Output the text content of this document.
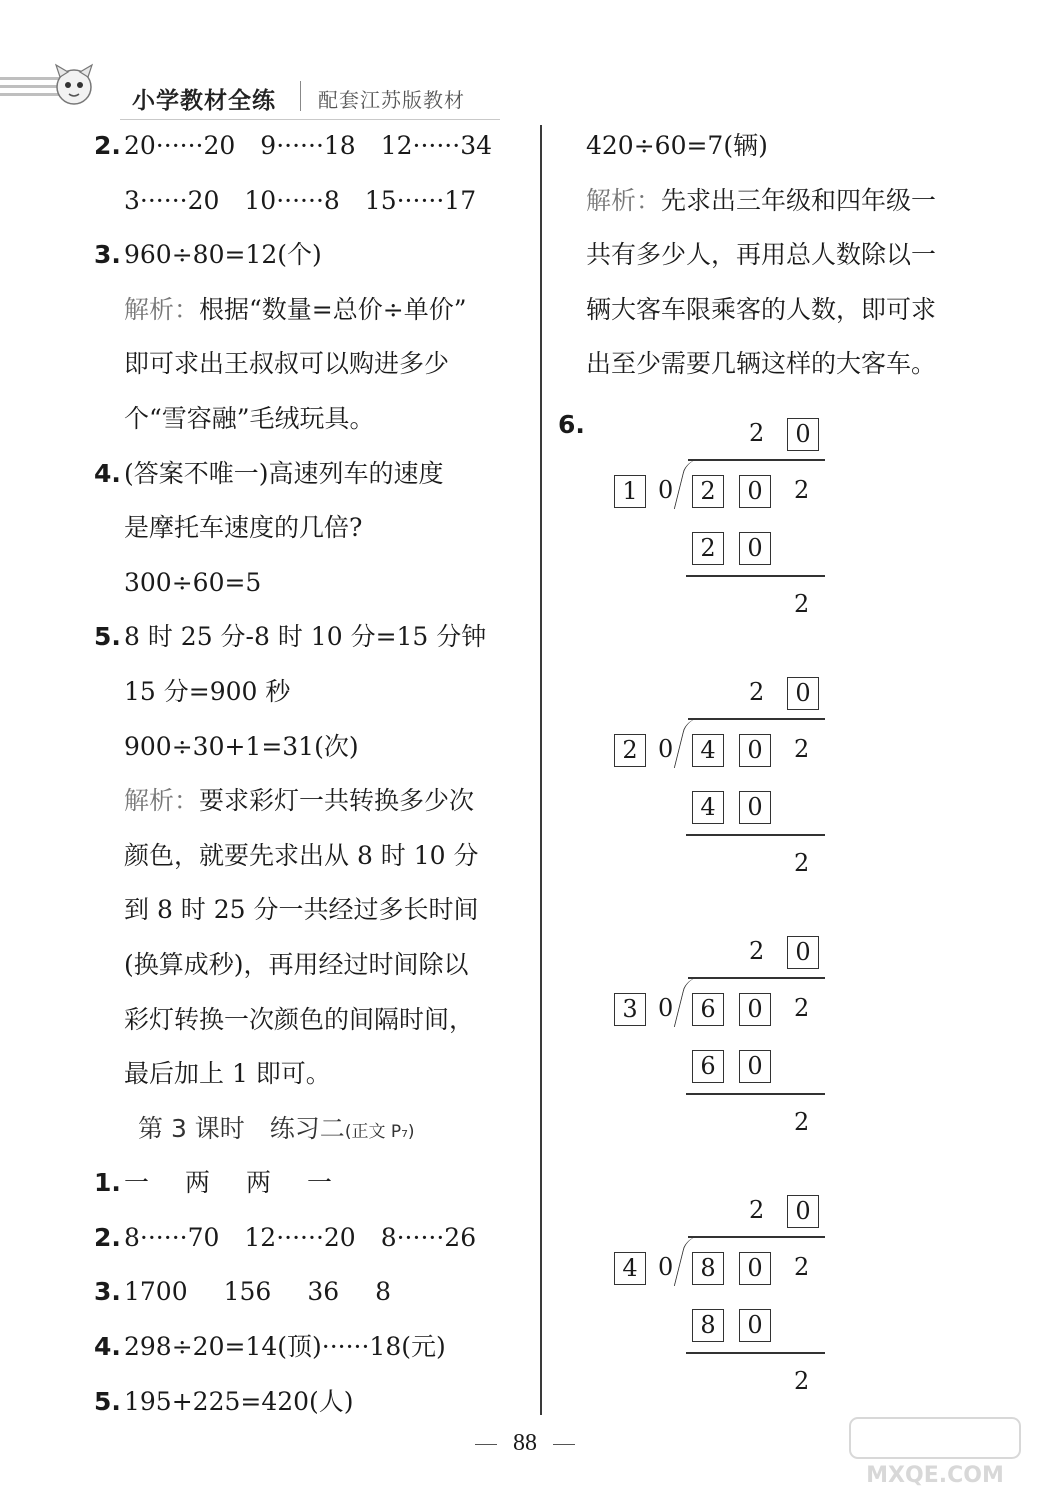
小学教材全练 配套江苏版教材
2. 20······20　9······18　12······34
3······20　10······8　15······17
3. 960÷80=12(个)
解析：根据“数量=总价÷单价”
即可求出王叔叔可以购进多少
个“雪容融”毛绒玩具。
4. (答案不唯一)高速列车的速度
是摩托车速度的几倍?
300÷60=5
5. 8 时 25 分-8 时 10 分=15 分钟
15 分=900 秒
900÷30+1=31(次)
解析：要求彩灯一共转换多少次
颜色，就要先求出从 8 时 10 分
到 8 时 25 分一共经过多长时间
(换算成秒)，再用经过时间除以
彩灯转换一次颜色的间隔时间，
最后加上 1 即可。
第 3 课时　练习二(正文 P₇)
1. 一 两 两 一
2. 8······70　12······20　8······26
3. 1700 156 36 8
4. 298÷20=14(顶)······18(元)
5. 195+225=420(人)
420÷60=7(辆)
解析：先求出三年级和四年级一
共有多少人，再用总人数除以一
辆大客车限乘客的人数，即可求
出至少需要几辆这样的大客车。
6.	2	0
1 0	2	0	2
2	0
2
2	0
2 0	4	0	2
4	0
2
2	0
3 0	6	0	2
6	0
2
2	0
4 0	8	0	2
8	0
2
88
MXQE.COM
